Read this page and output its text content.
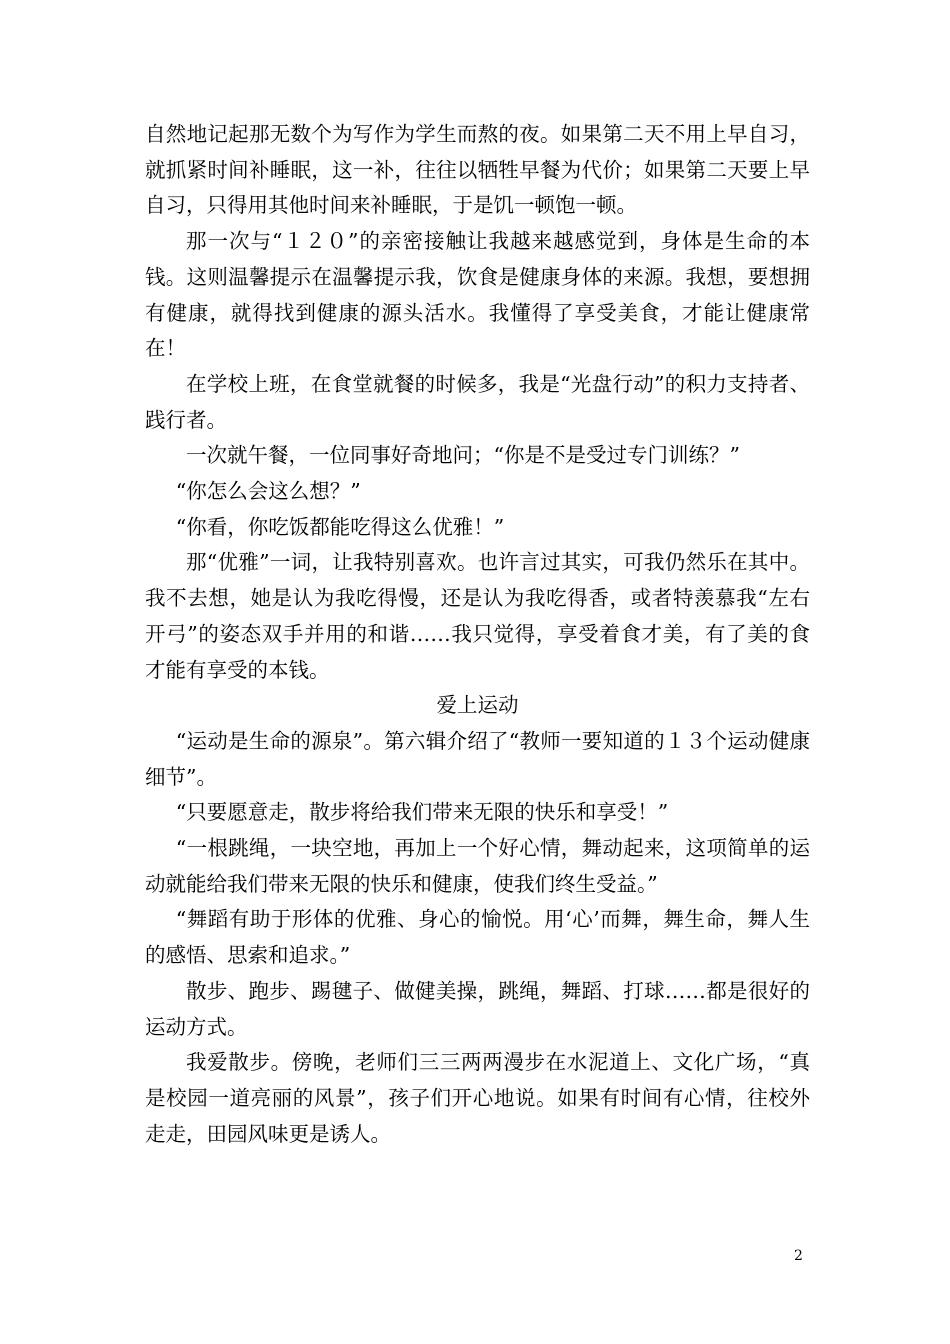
自然地记起那无数个为写作为学生而熬的夜。如果第二天不用上早自习，就抓紧时间补睡眠，这一补，往往以牺牲早餐为代价；如果第二天要上早自习，只得用其他时间来补睡眠，于是饥一顿饱一顿。

那一次与“１２０”的亲密接触让我越来越感觉到，身体是生命的本钱。这则温馨提示在温馨提示我，饮食是健康身体的来源。我想，要想拥有健康，就得找到健康的源头活水。我懂得了享受美食，才能让健康常在！

在学校上班，在食堂就餐的时候多，我是“光盘行动”的积力支持者、践行者。

一次就午餐，一位同事好奇地问；“你是不是受过专门训练？”

“你怎么会这么想？”

“你看，你吃饭都能吃得这么优雅！”

那“优雅”一词，让我特别喜欢。也许言过其实，可我仍然乐在其中。我不去想，她是认为我吃得慢，还是认为我吃得香，或者特羡慕我“左右开弓”的姿态双手并用的和谐……我只觉得，享受着食才美，有了美的食才能有享受的本钱。

爱上运动

“运动是生命的源泉”。第六辑介绍了“教师一要知道的１３个运动健康细节”。

“只要愿意走，散步将给我们带来无限的快乐和享受！”

“一根跳绳，一块空地，再加上一个好心情，舞动起来，这项简单的运动就能给我们带来无限的快乐和健康，使我们终生受益。”

“舞蹈有助于形体的优雅、身心的愉悦。用‘心’而舞，舞生命，舞人生的感悟、思索和追求。”

散步、跑步、踢毽子、做健美操，跳绳，舞蹈、打球……都是很好的运动方式。

我爱散步。傍晚，老师们三三两两漫步在水泥道上、文化广场，“真是校园一道亮丽的风景”，孩子们开心地说。如果有时间有心情，往校外走走，田园风味更是诱人。

2
